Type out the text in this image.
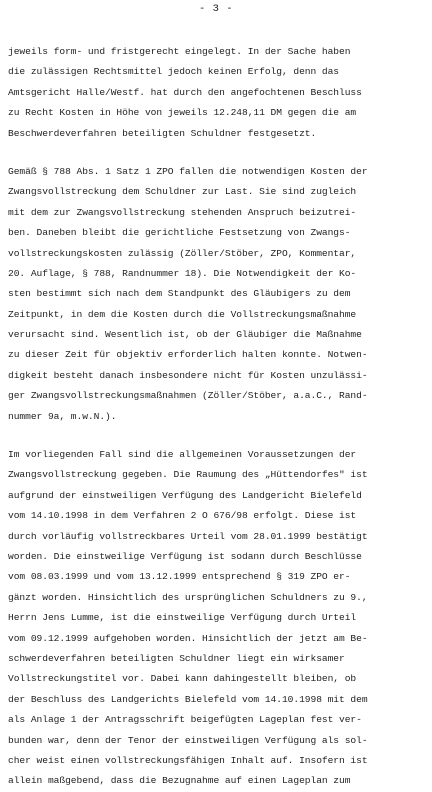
- 3 -

jeweils form- und fristgerecht eingelegt. In der Sache haben
die zulässigen Rechtsmittel jedoch keinen Erfolg, denn das
Amtsgericht Halle/Westf. hat durch den angefochtenen Beschluss
zu Recht Kosten in Höhe von jeweils 12.248,11 DM gegen die am
Beschwerdeverfahren beteiligten Schuldner festgesetzt.

Gemäß § 788 Abs. 1 Satz 1 ZPO fallen die notwendigen Kosten der
Zwangsvollstreckung dem Schuldner zur Last. Sie sind zugleich
mit dem zur Zwangsvollstreckung stehenden Anspruch beizutrei-
ben. Daneben bleibt die gerichtliche Festsetzung von Zwangs-
vollstreckungskosten zulässig (Zöller/Stöber, ZPO, Kommentar,
20. Auflage, § 788, Randnummer 18). Die Notwendigkeit der Ko-
sten bestimmt sich nach dem Standpunkt des Gläubigers zu dem
Zeitpunkt, in dem die Kosten durch die Vollstreckungsmaßnahme
verursacht sind. Wesentlich ist, ob der Gläubiger die Maßnahme
zu dieser Zeit für objektiv erforderlich halten konnte. Notwen-
digkeit besteht danach insbesondere nicht für Kosten unzulässi-
ger Zwangsvollstreckungsmaßnahmen (Zöller/Stöber, a.a.C., Rand-
nummer 9a, m.w.N.).

Im vorliegenden Fall sind die allgemeinen Voraussetzungen der
Zwangsvollstreckung gegeben. Die Raumung des „Hüttendorfes" ist
aufgrund der einstweiligen Verfügung des Landgericht Bielefeld
vom 14.10.1998 in dem Verfahren 2 O 676/98 erfolgt. Diese ist
durch vorläufig vollstreckbares Urteil vom 28.01.1999 bestätigt
worden. Die einstweilige Verfügung ist sodann durch Beschlüsse
vom 08.03.1999 und vom 13.12.1999 entsprechend § 319 ZPO er-
gänzt worden. Hinsichtlich des ursprünglichen Schuldners zu 9.,
Herrn Jens Lumme, ist die einstweilige Verfügung durch Urteil
vom 09.12.1999 aufgehoben worden. Hinsichtlich der jetzt am Be-
schwerdeverfahren beteiligten Schuldner liegt ein wirksamer
Vollstreckungstitel vor. Dabei kann dahingestellt bleiben, ob
der Beschluss des Landgerichts Bielefeld vom 14.10.1998 mit dem
als Anlage 1 der Antragsschrift beigefügten Lageplan fest ver-
bunden war, denn der Tenor der einstweiligen Verfügung als sol-
cher weist einen vollstreckungsfähigen Inhalt auf. Insofern ist
allein maßgebend, dass die Bezugnahme auf einen Lageplan zum
